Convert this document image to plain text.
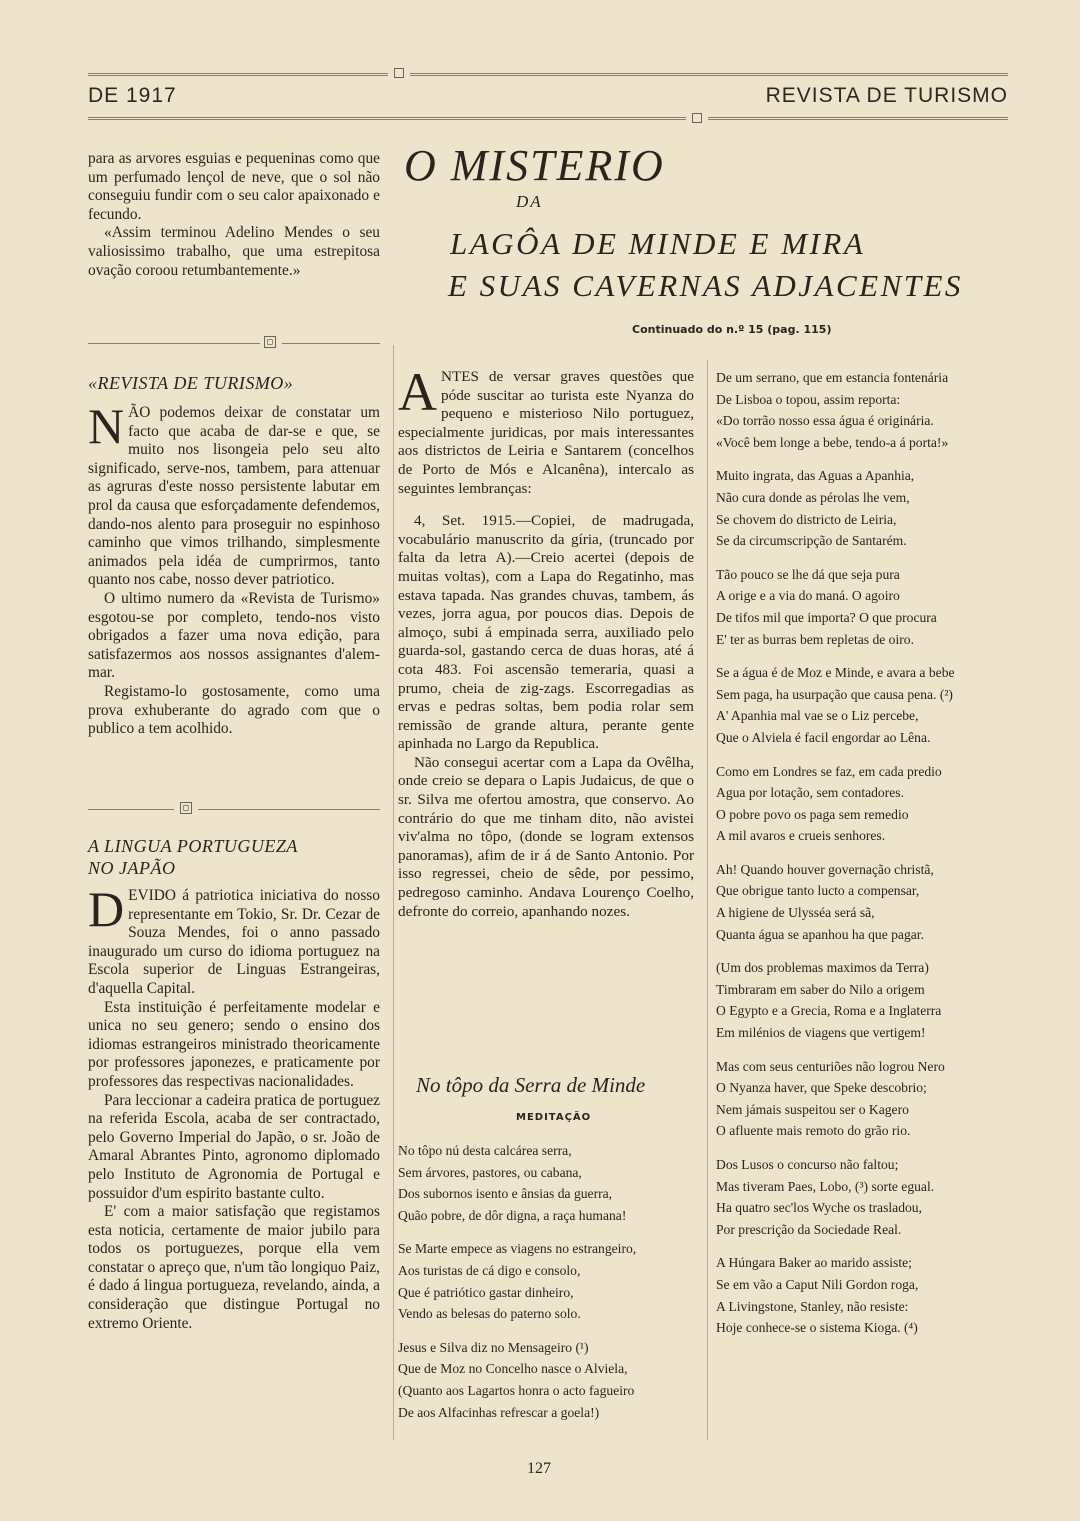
DE 1917	REVISTA DE TURISMO

para as arvores esguias e pequeninas como que um perfumado lençol de neve, que o sol não conseguiu fundir com o seu calor apaixonado e fecundo.

«Assim terminou Adelino Mendes o seu valiosissimo trabalho, que uma estrepitosa ovação coroou retumbantemente.»

◻
«REVISTA DE TURISMO»
N ÃO podemos deixar de constatar um facto que acaba de dar-se e que, se muito nos lisongeia pelo seu alto significado, serve-nos, tambem, para attenuar as agruras d'este nosso persistente labutar em prol da causa que esforçadamente defendemos, dando-nos alento para proseguir no espinhoso caminho que vimos trilhando, simplesmente animados pela idéa de cumprirmos, tanto quanto nos cabe, nosso dever patriotico.

O ultimo numero da «Revista de Turismo» esgotou-se por completo, tendo-nos visto obrigados a fazer uma nova edição, para satisfazermos aos nossos assignantes d'alem-mar.

Registamo-lo gostosamente, como uma prova exhuberante do agrado com que o publico a tem acolhido.

◻
A LINGUA PORTUGUEZA
NO JAPÃO
D EVIDO á patriotica iniciativa do nosso representante em Tokio, Sr. Dr. Cezar de Souza Mendes, foi o anno passado inaugurado um curso do idioma portuguez na Escola superior de Linguas Estrangeiras, d'aquella Capital.

Esta instituição é perfeitamente modelar e unica no seu genero; sendo o ensino dos idiomas estrangeiros ministrado theoricamente por professores japonezes, e praticamente por professores das respectivas nacionalidades.

Para leccionar a cadeira pratica de portuguez na referida Escola, acaba de ser contractado, pelo Governo Imperial do Japão, o sr. João de Amaral Abrantes Pinto, agronomo diplomado pelo Instituto de Agronomia de Portugal e possuidor d'um espirito bastante culto.

E' com a maior satisfação que registamos esta noticia, certamente de maior jubilo para todos os portuguezes, porque ella vem constatar o apreço que, n'um tão longiquo Paiz, é dado á lingua portugueza, revelando, ainda, a consideração que distingue Portugal no extremo Oriente.

O MISTERIO
DA
LAGÔA DE MINDE E MIRA
E SUAS CAVERNAS ADJACENTES
Continuado do n.º 15 (pag. 115)
A NTES de versar graves questões que póde suscitar ao turista este Nyanza do pequeno e misterioso Nilo portuguez, especialmente juridicas, por mais interessantes aos districtos de Leiria e Santarem (concelhos de Porto de Mós e Alcanêna), intercalo as seguintes lembranças:

4, Set. 1915.—Copiei, de madrugada, vocabulário manuscrito da gíria, (truncado por falta da letra A).—Creio acertei (depois de muitas voltas), com a Lapa do Regatinho, mas estava tapada. Nas grandes chuvas, tambem, ás vezes, jorra agua, por poucos dias. Depois de almoço, subi á empinada serra, auxiliado pelo guarda-sol, gastando cerca de duas horas, até á cota 483. Foi ascensão temeraria, quasi a prumo, cheia de zig-zags. Escorregadias as ervas e pedras soltas, bem podia rolar sem remissão de grande altura, perante gente apinhada no Largo da Republica.

Não consegui acertar com a Lapa da Ovêlha, onde creio se depara o Lapis Judaicus, de que o sr. Silva me ofertou amostra, que conservo. Ao contrário do que me tinham dito, não avistei viv'alma no tôpo, (donde se logram extensos panoramas), afim de ir á de Santo Antonio. Por isso regressei, cheio de sêde, por pessimo, pedregoso caminho. Andava Lourenço Coelho, defronte do correio, apanhando nozes.

No tôpo da Serra de Minde
MEDITAÇÃO
No tôpo nú desta calcárea serra,
Sem árvores, pastores, ou cabana,
Dos subornos isento e ânsias da guerra,
Quão pobre, de dôr digna, a raça humana!
Se Marte empece as viagens no estrangeiro,
Aos turistas de cá digo e consolo,
Que é patriótico gastar dinheiro,
Vendo as belesas do paterno solo.
Jesus e Silva diz no Mensageiro (¹)
Que de Moz no Concelho nasce o Alviela,
(Quanto aos Lagartos honra o acto fagueiro
De aos Alfacinhas refrescar a goela!)
De um serrano, que em estancia fontenária
De Lisboa o topou, assim reporta:
«Do torrão nosso essa água é originária.
«Você bem longe a bebe, tendo-a á porta!»
Muito ingrata, das Aguas a Apanhia,
Não cura donde as pérolas lhe vem,
Se chovem do districto de Leiria,
Se da circumscripção de Santarém.
Tão pouco se lhe dá que seja pura
A orige e a via do maná. O agoiro
De tifos mil que importa? O que procura
E' ter as burras bem repletas de oiro.
Se a água é de Moz e Minde, e avara a bebe
Sem paga, ha usurpação que causa pena. (²)
A' Apanhia mal vae se o Liz percebe,
Que o Alviela é facil engordar ao Lêna.
Como em Londres se faz, em cada predio
Agua por lotação, sem contadores.
O pobre povo os paga sem remedio
A mil avaros e crueis senhores.
Ah! Quando houver governação christã,
Que obrigue tanto lucto a compensar,
A higiene de Ulysséa será sã,
Quanta água se apanhou ha que pagar.
(Um dos problemas maximos da Terra)
Timbraram em saber do Nilo a origem
O Egypto e a Grecia, Roma e a Inglaterra
Em milénios de viagens que vertigem!
Mas com seus centuriões não logrou Nero
O Nyanza haver, que Speke descobrio;
Nem jámais suspeitou ser o Kagero
O afluente mais remoto do grão rio.
Dos Lusos o concurso não faltou;
Mas tiveram Paes, Lobo, (³) sorte egual.
Ha quatro sec'los Wyche os trasladou,
Por prescrição da Sociedade Real.
A Húngara Baker ao marido assiste;
Se em vão a Caput Nili Gordon roga,
A Livingstone, Stanley, não resiste:
Hoje conhece-se o sistema Kioga. (⁴)
127
